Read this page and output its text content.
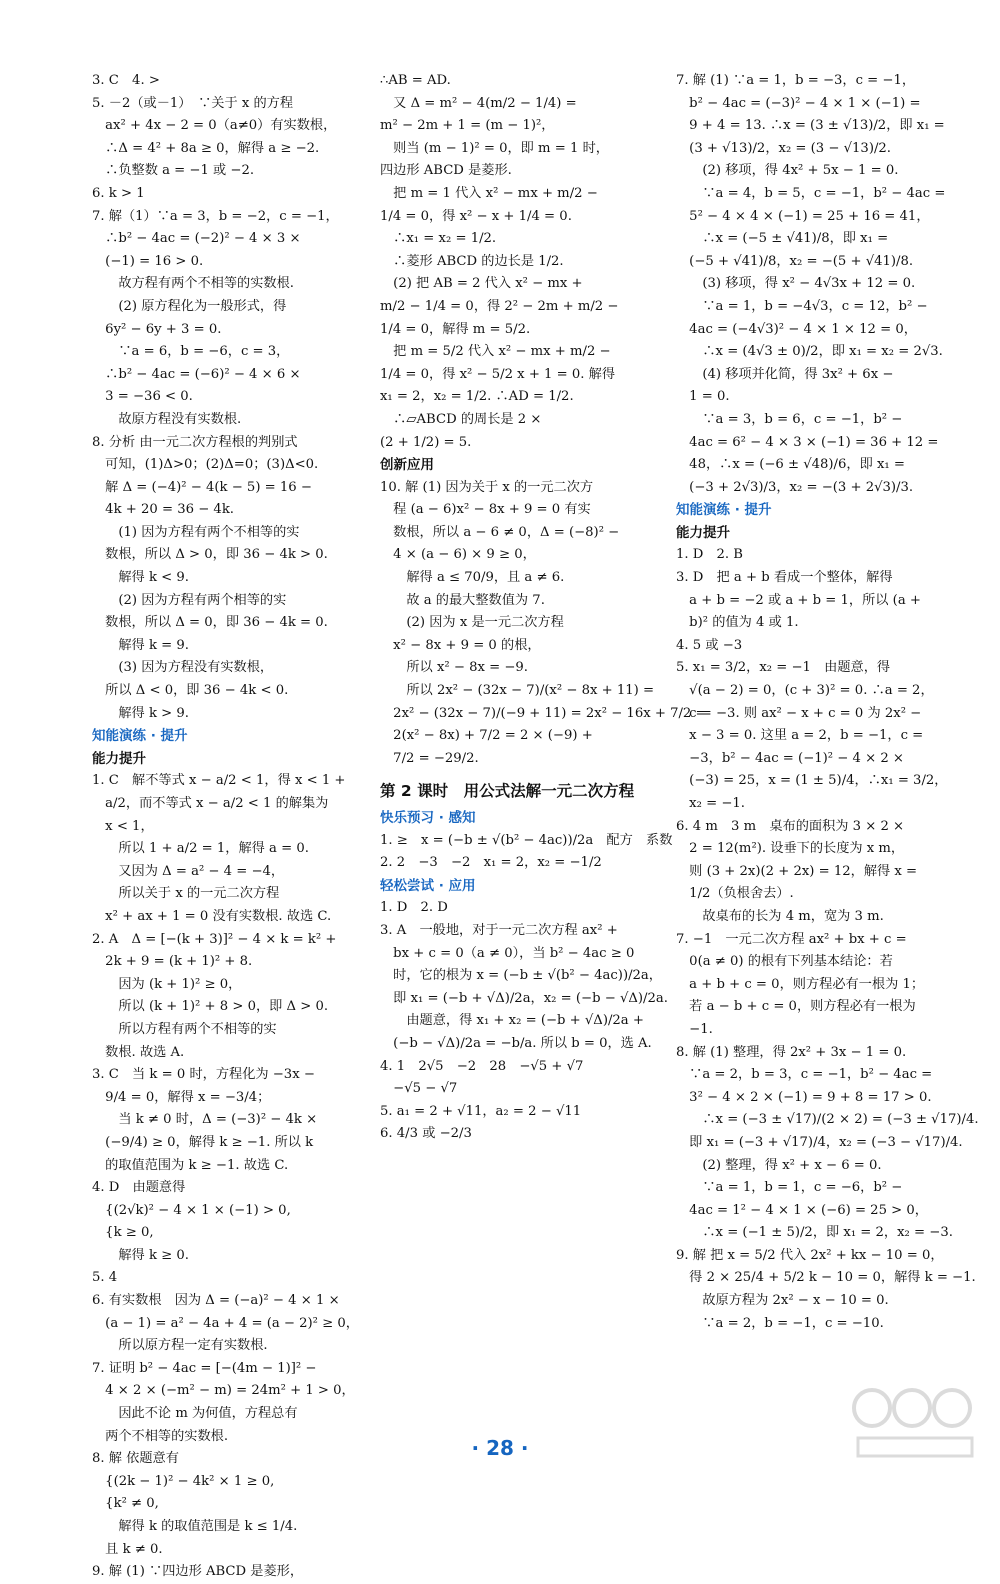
3. C　4. >
5. －2（或－1）　∵关于 x 的方程
　ax² + 4x − 2 = 0（a≠0）有实数根，
　∴Δ = 4² + 8a ≥ 0，解得 a ≥ −2.
　∴负整数 a = −1 或 −2.
6. k > 1
7. 解（1）∵a = 3，b = −2，c = −1，
　∴b² − 4ac = (−2)² − 4 × 3 ×
　(−1) = 16 > 0.
　　故方程有两个不相等的实数根.
　　(2) 原方程化为一般形式，得
　6y² − 6y + 3 = 0.
　　∵a = 6，b = −6，c = 3，
　∴b² − 4ac = (−6)² − 4 × 6 ×
　3 = −36 < 0.
　　故原方程没有实数根.
8. 分析 由一元二次方程根的判别式
　可知，(1)Δ>0；(2)Δ=0；(3)Δ<0.
　解 Δ = (−4)² − 4(k − 5) = 16 −
　4k + 20 = 36 − 4k.
　　(1) 因为方程有两个不相等的实
　数根，所以 Δ > 0，即 36 − 4k > 0.
　　解得 k < 9.
　　(2) 因为方程有两个相等的实
　数根，所以 Δ = 0，即 36 − 4k = 0.
　　解得 k = 9.
　　(3) 因为方程没有实数根，
　所以 Δ < 0，即 36 − 4k < 0.
　　解得 k > 9.
知能演练 · 提升
能力提升
1. C　解不等式 x − a/2 < 1，得 x < 1 +
　a/2，而不等式 x − a/2 < 1 的解集为
　x < 1，
　　所以 1 + a/2 = 1，解得 a = 0.
　　又因为 Δ = a² − 4 = −4，
　　所以关于 x 的一元二次方程
　x² + ax + 1 = 0 没有实数根. 故选 C.
2. A　Δ = [−(k + 3)]² − 4 × k = k² +
　2k + 9 = (k + 1)² + 8.
　　因为 (k + 1)² ≥ 0，
　　所以 (k + 1)² + 8 > 0，即 Δ > 0.
　　所以方程有两个不相等的实
　数根. 故选 A.
3. C　当 k = 0 时，方程化为 −3x −
　9/4 = 0，解得 x = −3/4；
　　当 k ≠ 0 时，Δ = (−3)² − 4k ×
　(−9/4) ≥ 0，解得 k ≥ −1. 所以 k
　的取值范围为 k ≥ −1. 故选 C.
4. D　由题意得
　{(2√k)² − 4 × 1 × (−1) > 0,
　{k ≥ 0,
　　解得 k ≥ 0.
5. 4
6. 有实数根　因为 Δ = (−a)² − 4 × 1 ×
　(a − 1) = a² − 4a + 4 = (a − 2)² ≥ 0，
　　所以原方程一定有实数根.
7. 证明 b² − 4ac = [−(4m − 1)]² −
　4 × 2 × (−m² − m) = 24m² + 1 > 0，
　　因此不论 m 为何值，方程总有
　两个不相等的实数根.
8. 解 依题意有
　{(2k − 1)² − 4k² × 1 ≥ 0,
　{k² ≠ 0,
　　解得 k 的取值范围是 k ≤ 1/4.
　且 k ≠ 0.
9. 解 (1) ∵四边形 ABCD 是菱形，
∴AB = AD.
　又 Δ = m² − 4(m/2 − 1/4) =
m² − 2m + 1 = (m − 1)²，
　则当 (m − 1)² = 0，即 m = 1 时，
四边形 ABCD 是菱形.
　把 m = 1 代入 x² − mx + m/2 −
1/4 = 0，得 x² − x + 1/4 = 0.
　∴x₁ = x₂ = 1/2.
　∴菱形 ABCD 的边长是 1/2.
　(2) 把 AB = 2 代入 x² − mx +
m/2 − 1/4 = 0，得 2² − 2m + m/2 −
1/4 = 0，解得 m = 5/2.
　把 m = 5/2 代入 x² − mx + m/2 −
1/4 = 0，得 x² − 5/2 x + 1 = 0. 解得
x₁ = 2，x₂ = 1/2. ∴AD = 1/2.
　∴▱ABCD 的周长是 2 ×
(2 + 1/2) = 5.
创新应用
10. 解 (1) 因为关于 x 的一元二次方
　程 (a − 6)x² − 8x + 9 = 0 有实
　数根，所以 a − 6 ≠ 0，Δ = (−8)² −
　4 × (a − 6) × 9 ≥ 0，
　　解得 a ≤ 70/9，且 a ≠ 6.
　　故 a 的最大整数值为 7.
　　(2) 因为 x 是一元二次方程
　x² − 8x + 9 = 0 的根，
　　所以 x² − 8x = −9.
　　所以 2x² − (32x − 7)/(x² − 8x + 11) =
　2x² − (32x − 7)/(−9 + 11) = 2x² − 16x + 7/2 =
　2(x² − 8x) + 7/2 = 2 × (−9) +
　7/2 = −29/2.
第 2 课时　用公式法解一元二次方程
快乐预习 · 感知
1. ≥　x = (−b ± √(b² − 4ac))/2a　配方　系数
2. 2　−3　−2　x₁ = 2，x₂ = −1/2
轻松尝试 · 应用
1. D　2. D
3. A　一般地，对于一元二次方程 ax² +
　bx + c = 0（a ≠ 0），当 b² − 4ac ≥ 0
　时，它的根为 x = (−b ± √(b² − 4ac))/2a，
　即 x₁ = (−b + √Δ)/2a，x₂ = (−b − √Δ)/2a.
　　由题意，得 x₁ + x₂ = (−b + √Δ)/2a +
　(−b − √Δ)/2a = −b/a. 所以 b = 0，选 A.
4. 1　2√5　−2　28　−√5 + √7
　−√5 − √7
5. a₁ = 2 + √11，a₂ = 2 − √11
6. 4/3 或 −2/3
7. 解 (1) ∵a = 1，b = −3，c = −1，
　b² − 4ac = (−3)² − 4 × 1 × (−1) =
　9 + 4 = 13. ∴x = (3 ± √13)/2，即 x₁ =
　(3 + √13)/2，x₂ = (3 − √13)/2.
　　(2) 移项，得 4x² + 5x − 1 = 0.
　　∵a = 4，b = 5，c = −1，b² − 4ac =
　5² − 4 × 4 × (−1) = 25 + 16 = 41，
　　∴x = (−5 ± √41)/8，即 x₁ =
　(−5 + √41)/8，x₂ = −(5 + √41)/8.
　　(3) 移项，得 x² − 4√3x + 12 = 0.
　　∵a = 1，b = −4√3，c = 12，b² −
　4ac = (−4√3)² − 4 × 1 × 12 = 0，
　　∴x = (4√3 ± 0)/2，即 x₁ = x₂ = 2√3.
　　(4) 移项并化简，得 3x² + 6x −
　1 = 0.
　　∵a = 3，b = 6，c = −1，b² −
　4ac = 6² − 4 × 3 × (−1) = 36 + 12 =
　48，∴x = (−6 ± √48)/6，即 x₁ =
　(−3 + 2√3)/3，x₂ = −(3 + 2√3)/3.
知能演练 · 提升
能力提升
1. D　2. B
3. D　把 a + b 看成一个整体，解得
　a + b = −2 或 a + b = 1，所以 (a +
　b)² 的值为 4 或 1.
4. 5 或 −3
5. x₁ = 3/2，x₂ = −1　由题意，得
　√(a − 2) = 0，(c + 3)² = 0. ∴a = 2，
　c = −3. 则 ax² − x + c = 0 为 2x² −
　x − 3 = 0. 这里 a = 2，b = −1，c =
　−3，b² − 4ac = (−1)² − 4 × 2 ×
　(−3) = 25，x = (1 ± 5)/4，∴x₁ = 3/2，
　x₂ = −1.
6. 4 m　3 m　桌布的面积为 3 × 2 ×
　2 = 12(m²). 设垂下的长度为 x m，
　则 (3 + 2x)(2 + 2x) = 12，解得 x =
　1/2（负根舍去）.
　　故桌布的长为 4 m，宽为 3 m.
7. −1　一元二次方程 ax² + bx + c =
　0(a ≠ 0) 的根有下列基本结论：若
　a + b + c = 0，则方程必有一根为 1；
　若 a − b + c = 0，则方程必有一根为
　−1.
8. 解 (1) 整理，得 2x² + 3x − 1 = 0.
　∵a = 2，b = 3，c = −1，b² − 4ac =
　3² − 4 × 2 × (−1) = 9 + 8 = 17 > 0.
　　∴x = (−3 ± √17)/(2 × 2) = (−3 ± √17)/4.
　即 x₁ = (−3 + √17)/4，x₂ = (−3 − √17)/4.
　　(2) 整理，得 x² + x − 6 = 0.
　　∵a = 1，b = 1，c = −6，b² −
　4ac = 1² − 4 × 1 × (−6) = 25 > 0，
　　∴x = (−1 ± 5)/2，即 x₁ = 2，x₂ = −3.
9. 解 把 x = 5/2 代入 2x² + kx − 10 = 0，
　得 2 × 25/4 + 5/2 k − 10 = 0，解得 k = −1.
　　故原方程为 2x² − x − 10 = 0.
　　∵a = 2，b = −1，c = −10.
· 28 ·
